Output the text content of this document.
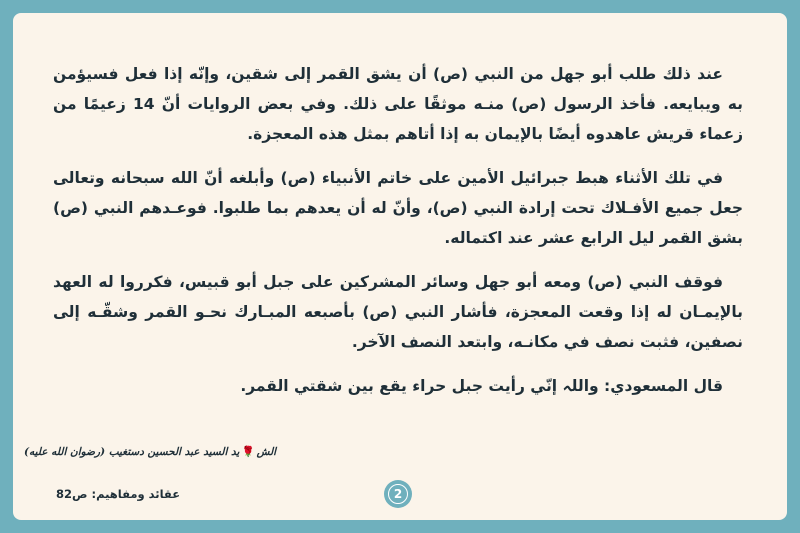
عند ذلك طلب أبو جهل من النبي (ص) أن يشق القمر إلى شقين، وإنّه إذا فعل فسيؤمن به ويبايعه. فأخذ الرسول (ص) منـه موثقًا على ذلك. وفي بعض الروايات أنّ 14 زعيمًا من زعماء قريش عاهدوه أيضًا بالإيمان به إذا أتاهم بمثل هذه المعجزة.

في تلك الأثناء هبط جبرائيل الأمين على خاتم الأنبياء (ص) وأبلغه أنّ الله سبحانه وتعالى جعل جميع الأفـلاك تحت إرادة النبي (ص)، وأنّ له أن يعدهم بما طلبوا. فوعـدهم النبي (ص) بشق القمر ليل الرابع عشر عند اكتماله.

فوقف النبي (ص) ومعه أبو جهل وسائر المشركين على جبل أبو قبيس، فكرروا له العهد بالإيمـان له إذا وقعت المعجزة، فأشار النبي (ص) بأصبعه المبـارك نحـو القمر وشقّـه إلى نصفين، فثبت نصف في مكانـه، وابتعد النصف الآخر.

قال المسعودي: واللہ إنّي رأيت جبل حراء يقع بين شقتي القمر.

الش🌹يد السيد عبد الحسين دستغيب (رضوان الله عليه)
عقائد ومفاهيم: ص82	2
